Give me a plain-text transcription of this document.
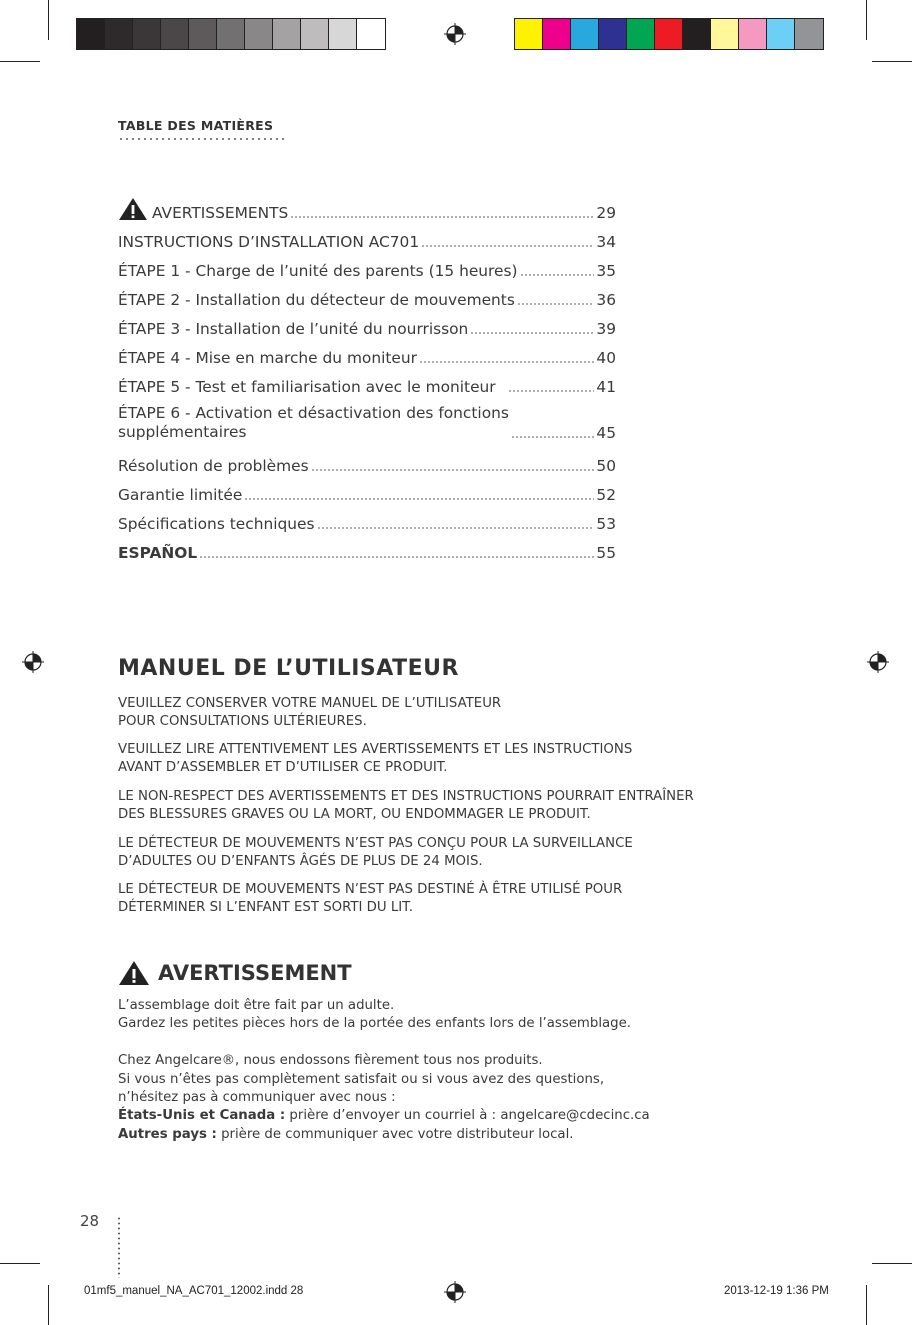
TABLE DES MATIÈRES
AVERTISSEMENTS	29
INSTRUCTIONS D’INSTALLATION AC701	34
ÉTAPE 1 - Charge de l’unité des parents (15 heures)	35
ÉTAPE 2 - Installation du détecteur de mouvements	36
ÉTAPE 3 - Installation de l’unité du nourrisson	39
ÉTAPE 4 - Mise en marche du moniteur	40
ÉTAPE 5 - Test et familiarisation avec le moniteur	41
ÉTAPE 6 - Activation et désactivation des fonctions
supplémentaires	45
Résolution de problèmes	50
Garantie limitée	52
Spécifications techniques	53
ESPAÑOL	55
MANUEL DE L’UTILISATEUR
VEUILLEZ CONSERVER VOTRE MANUEL DE L’UTILISATEUR
POUR CONSULTATIONS ULTÉRIEURES.
VEUILLEZ LIRE ATTENTIVEMENT LES AVERTISSEMENTS ET LES INSTRUCTIONS
AVANT D’ASSEMBLER ET D’UTILISER CE PRODUIT.
LE NON-RESPECT DES AVERTISSEMENTS ET DES INSTRUCTIONS POURRAIT ENTRAÎNER
DES BLESSURES GRAVES OU LA MORT, OU ENDOMMAGER LE PRODUIT.
LE DÉTECTEUR DE MOUVEMENTS N’EST PAS CONÇU POUR LA SURVEILLANCE
D’ADULTES OU D’ENFANTS ÂGÉS DE PLUS DE 24 MOIS.
LE DÉTECTEUR DE MOUVEMENTS N’EST PAS DESTINÉ À ÊTRE UTILISÉ POUR
DÉTERMINER SI L’ENFANT EST SORTI DU LIT.
AVERTISSEMENT
L’assemblage doit être fait par un adulte.
Gardez les petites pièces hors de la portée des enfants lors de l’assemblage.
Chez Angelcare®, nous endossons fièrement tous nos produits.
Si vous n’êtes pas complètement satisfait ou si vous avez des questions,
n’hésitez pas à communiquer avec nous :
États-Unis et Canada : prière d’envoyer un courriel à : angelcare@cdecinc.ca
Autres pays : prière de communiquer avec votre distributeur local.
28
01mf5_manuel_NA_AC701_12002.indd 28	2013-12-19 1:36 PM
